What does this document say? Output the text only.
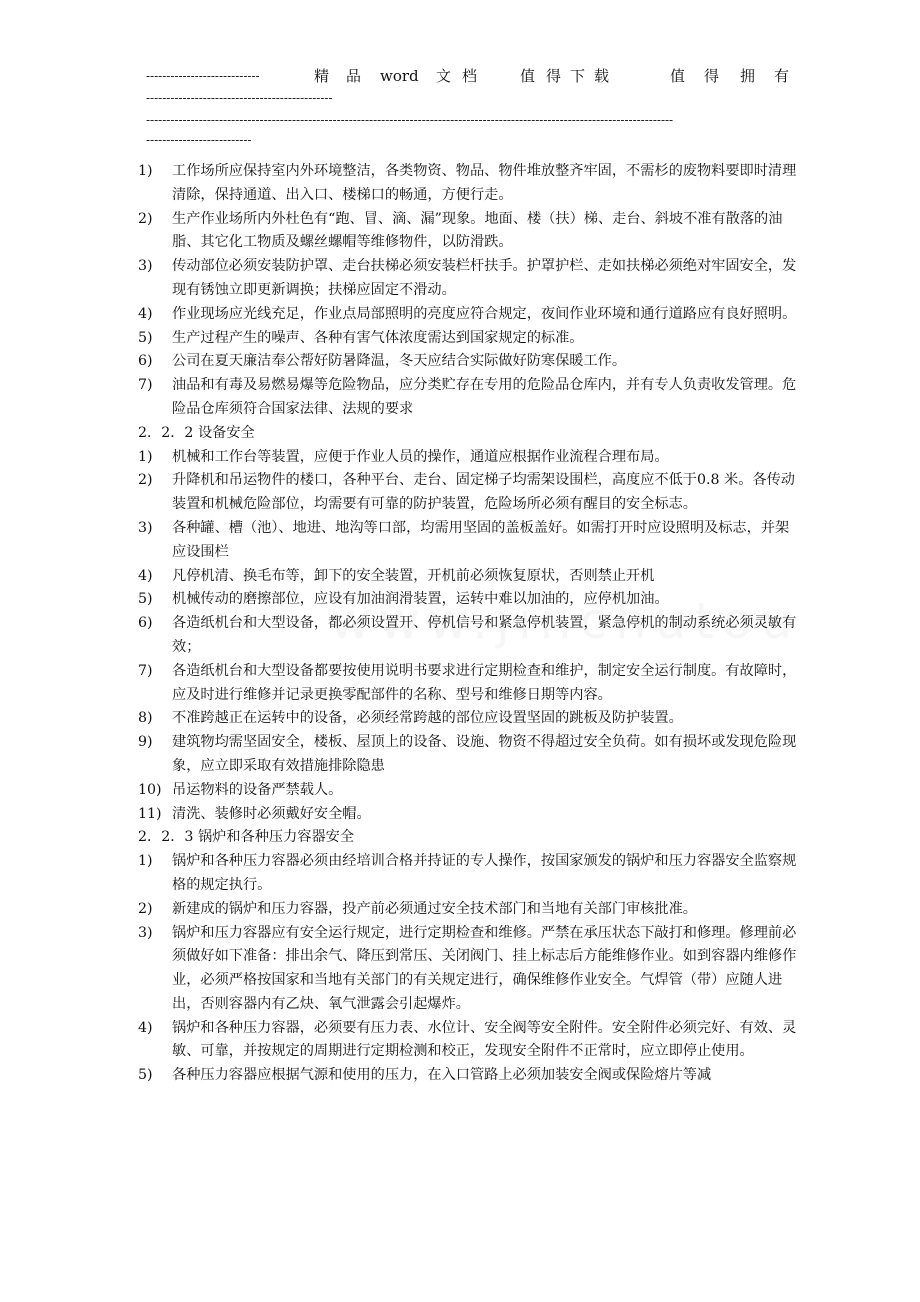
----------------------------	精 品 word 文 档	值 得 下 载	值 得 拥 有
----------------------------------------------
----------------------------------------------------------------------------------------------------------------------------------
--------------------------
1)	工作场所应保持室内外环境整洁，各类物资、物品、物件堆放整齐牢固，不需杉的废物料要即时清理清除，保持通道、出入口、楼梯口的畅通，方便行走。
2)	生产作业场所内外杜色有“跑、冒、滴、漏”现象。地面、楼（扶）梯、走台、斜坡不准有散落的油脂、其它化工物质及螺丝螺帽等维修物件，以防滑跌。
3)	传动部位必须安装防护罩、走台扶梯必须安装栏杆扶手。护罩护栏、走如扶梯必须绝对牢固安全，发现有锈蚀立即更新调换；扶梯应固定不滑动。
4)	作业现场应光线充足，作业点局部照明的亮度应符合规定，夜间作业环境和通行道路应有良好照明。
5)	生产过程产生的噪声、各种有害气体浓度需达到国家规定的标准。
6)	公司在夏天廉洁奉公帮好防暑降温，冬天应结合实际做好防寒保暖工作。
7)	油品和有毒及易燃易爆等危险物品，应分类贮存在专用的危险品仓库内，并有专人负责收发管理。危险品仓库须符合国家法律、法规的要求
2．2．2 设备安全
1)	机械和工作台等装置，应便于作业人员的操作，通道应根据作业流程合理布局。
2)	升降机和吊运物件的楼口，各种平台、走台、固定梯子均需架设围栏，高度应不低于0.8 米。各传动装置和机械危险部位，均需要有可靠的防护装置，危险场所必须有醒目的安全标志。
3)	各种罐、槽（池）、地进、地沟等口部，均需用坚固的盖板盖好。如需打开时应设照明及标志，并架应设围栏
4)	凡停机清、换毛布等，卸下的安全装置，开机前必须恢复原状，否则禁止开机
5)	机械传动的磨擦部位，应设有加油润滑装置，运转中难以加油的，应停机加油。
6)	各造纸机台和大型设备，都必须设置开、停机信号和紧急停机装置，紧急停机的制动系统必须灵敏有效；
7)	各造纸机台和大型设备都要按使用说明书要求进行定期检查和维护，制定安全运行制度。有故障时，应及时进行维修并记录更换零配部件的名称、型号和维修日期等内容。
8)	不准跨越正在运转中的设备，必须经常跨越的部位应设置坚固的跳板及防护装置。
9)	建筑物均需坚固安全，楼板、屋顶上的设备、设施、物资不得超过安全负荷。如有损坏或发现危险现象，应立即采取有效措施排除隐患
10) 吊运物料的设备严禁载人。
11) 清洗、装修时必须戴好安全帽。
2．2．3 锅炉和各种压力容器安全
1)	锅炉和各种压力容器必须由经培训合格并持证的专人操作，按国家颁发的锅炉和压力容器安全监察规格的规定执行。
2)	新建成的锅炉和压力容器，投产前必须通过安全技术部门和当地有关部门审核批准。
3)	锅炉和压力容器应有安全运行规定，进行定期检查和维修。严禁在承压状态下敲打和修理。修理前必须做好如下准备：排出余气、降压到常压、关闭阀门、挂上标志后方能维修作业。如到容器内维修作业，必须严格按国家和当地有关部门的有关规定进行，确保维修作业安全。气焊管（带）应随人进出，否则容器内有乙炔、氧气泄露会引起爆炸。
4)	锅炉和各种压力容器，必须要有压力表、水位计、安全阀等安全附件。安全附件必须完好、有效、灵敏、可靠，并按规定的周期进行定期检测和校正，发现安全附件不正常时，应立即停止使用。
5)	各种压力容器应根据气源和使用的压力，在入口管路上必须加装安全阀或保险熔片等减
